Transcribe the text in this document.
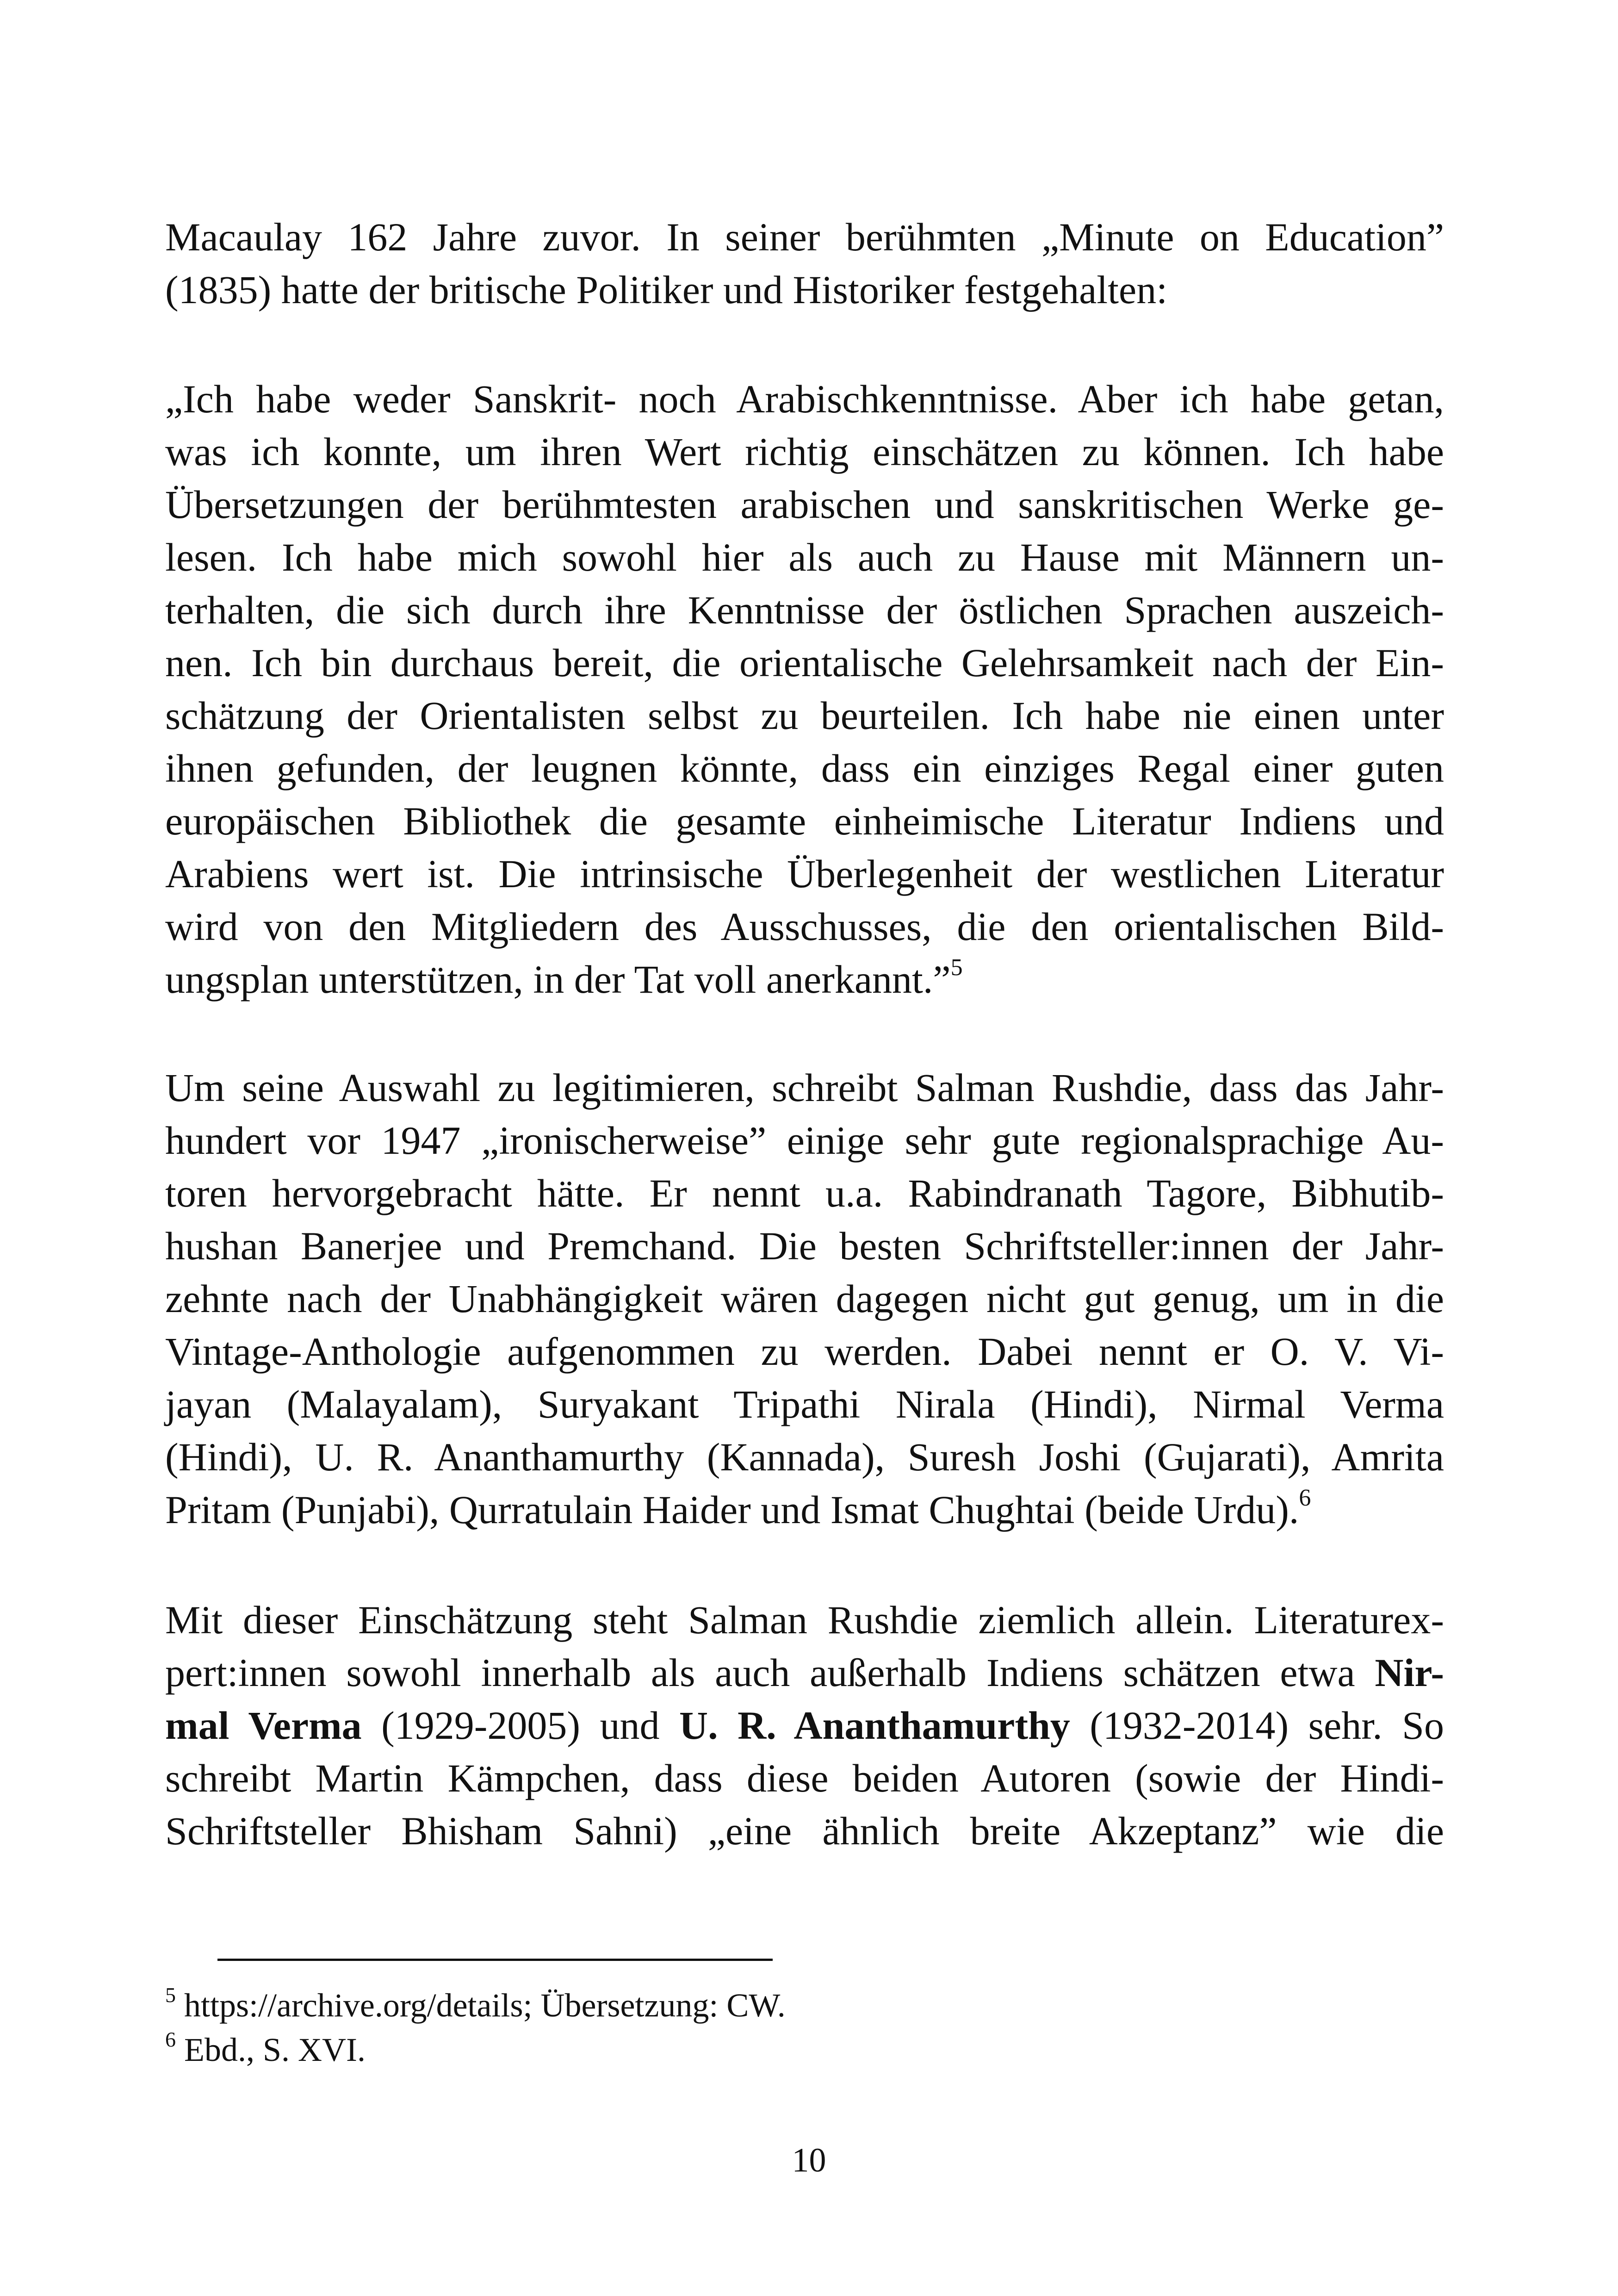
Macaulay 162 Jahre zuvor. In seiner berühmten „Minute on Education”
(1835) hatte der britische Politiker und Historiker festgehalten:
„Ich habe weder Sanskrit- noch Arabischkenntnisse. Aber ich habe getan,
was ich konnte, um ihren Wert richtig einschätzen zu können. Ich habe
Übersetzungen der berühmtesten arabischen und sanskritischen Werke ge-
lesen. Ich habe mich sowohl hier als auch zu Hause mit Männern un-
terhalten, die sich durch ihre Kenntnisse der östlichen Sprachen auszeich-
nen. Ich bin durchaus bereit, die orientalische Gelehrsamkeit nach der Ein-
schätzung der Orientalisten selbst zu beurteilen. Ich habe nie einen unter
ihnen gefunden, der leugnen könnte, dass ein einziges Regal einer guten
europäischen Bibliothek die gesamte einheimische Literatur Indiens und
Arabiens wert ist. Die intrinsische Überlegenheit der westlichen Literatur
wird von den Mitgliedern des Ausschusses, die den orientalischen Bild-
ungsplan unterstützen, in der Tat voll anerkannt.”$^5$
Um seine Auswahl zu legitimieren, schreibt Salman Rushdie, dass das Jahr-
hundert vor 1947 „ironischerweise” einige sehr gute regionalsprachige Au-
toren hervorgebracht hätte. Er nennt u.a. Rabindranath Tagore, Bibhutib-
hushan Banerjee und Premchand. Die besten Schriftsteller:innen der Jahr-
zehnte nach der Unabhängigkeit wären dagegen nicht gut genug, um in die
Vintage-Anthologie aufgenommen zu werden. Dabei nennt er O. V. Vi-
jayan (Malayalam), Suryakant Tripathi Nirala (Hindi), Nirmal Verma
(Hindi), U. R. Ananthamurthy (Kannada), Suresh Joshi (Gujarati), Amrita
Pritam (Punjabi), Qurratulain Haider und Ismat Chughtai (beide Urdu).$^6$
Mit dieser Einschätzung steht Salman Rushdie ziemlich allein. Literaturex-
pert:innen sowohl innerhalb als auch außerhalb Indiens schätzen etwa Nir-
mal Verma (1929-2005) und U. R. Ananthamurthy (1932-2014) sehr. So
schreibt Martin Kämpchen, dass diese beiden Autoren (sowie der Hindi-
Schriftsteller Bhisham Sahni) „eine ähnlich breite Akzeptanz” wie die
$^5$ https://archive.org/details; Übersetzung: CW.
$^6$ Ebd., S. XVI.
10
